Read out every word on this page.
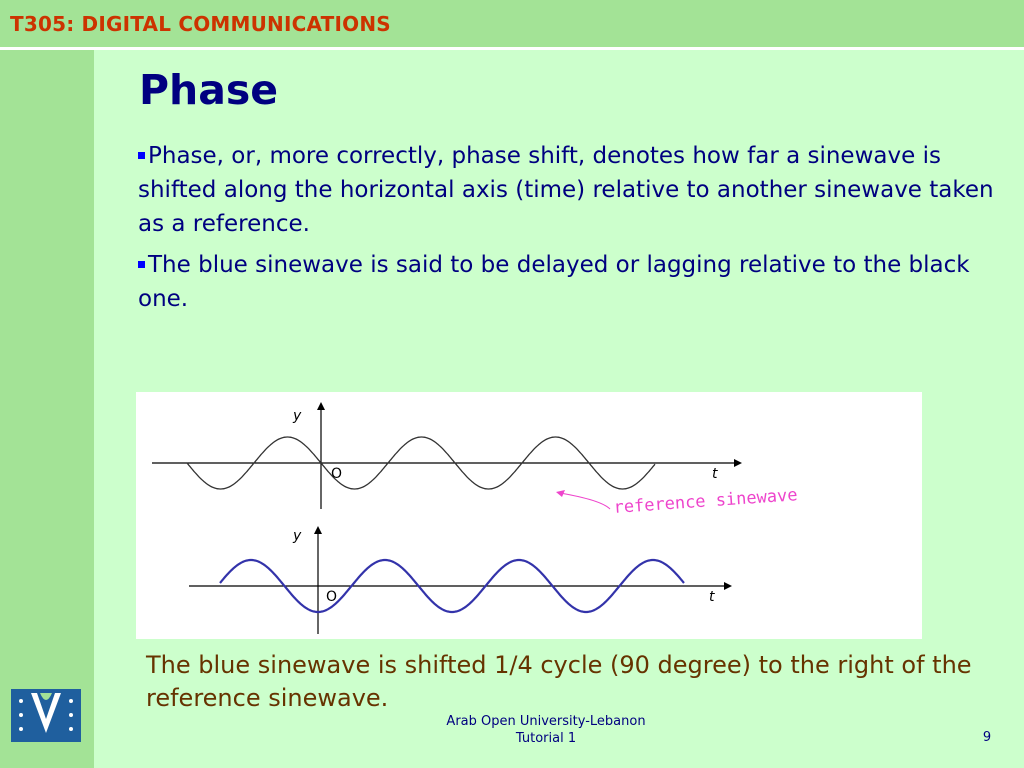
T305: DIGITAL COMMUNICATIONS
Phase
Phase, or, more correctly, phase shift, denotes how far a sinewave is shifted along the horizontal axis (time) relative to another sinewave taken as a reference.
The blue sinewave is said to be delayed or lagging relative to the black one.
y
t
O
reference sinewave
y
t
O
The blue sinewave is shifted 1/4 cycle (90 degree) to the right of the reference sinewave.
Arab Open University-Lebanon
Tutorial 1	9
